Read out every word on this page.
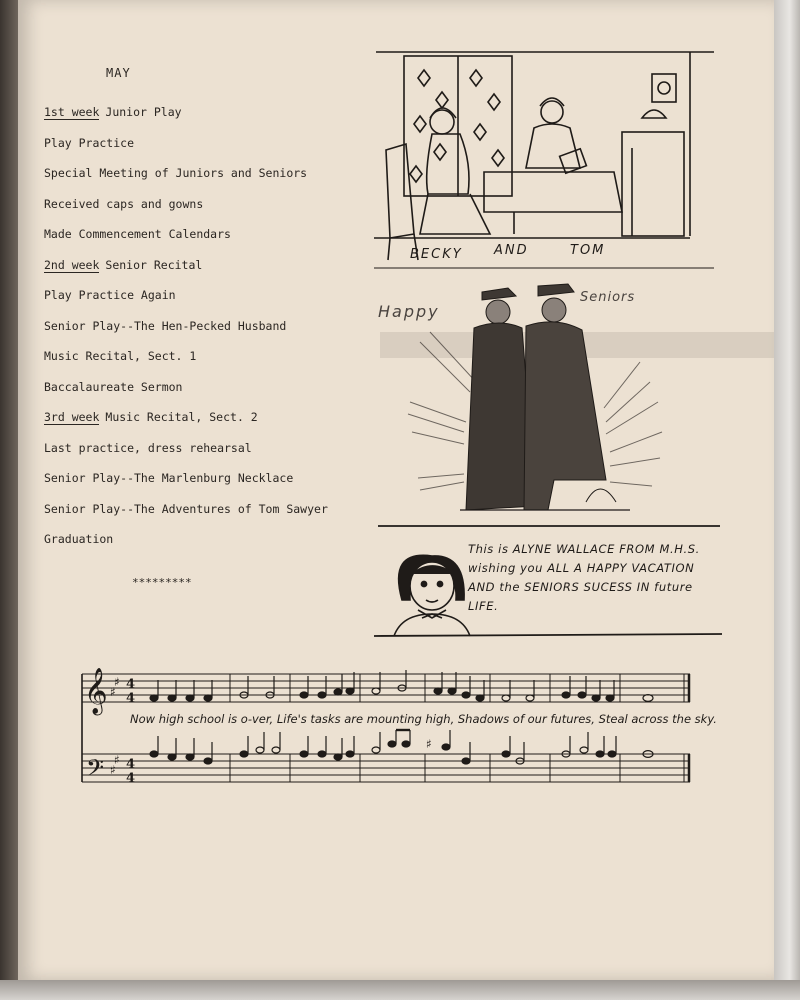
MAY
1st week Junior Play
Play Practice
Special Meeting of Juniors and Seniors
Received caps and gowns
Made Commencement Calendars
2nd week Senior Recital
Play Practice Again
Senior Play--The Hen-Pecked Husband
Music Recital, Sect. 1
Baccalaureate Sermon
3rd week Music Recital, Sect. 2
Last practice, dress rehearsal
Senior Play--The Marlenburg Necklace
Senior Play--The Adventures of Tom Sawyer
Graduation
*********
BECKY AND	TOM
Happy
Seniors
This is ALYNE WALLACE FROM M.H.S. wishing you ALL A HAPPY VACATION AND the SENIORS SUCESS IN future LIFE.
𝄞
𝄢
♯
♯
♯
♯
4
4
4
4
♯
Now high school is o-ver, Life's tasks are mounting high, Shadows of our futures, Steal across the sky.
